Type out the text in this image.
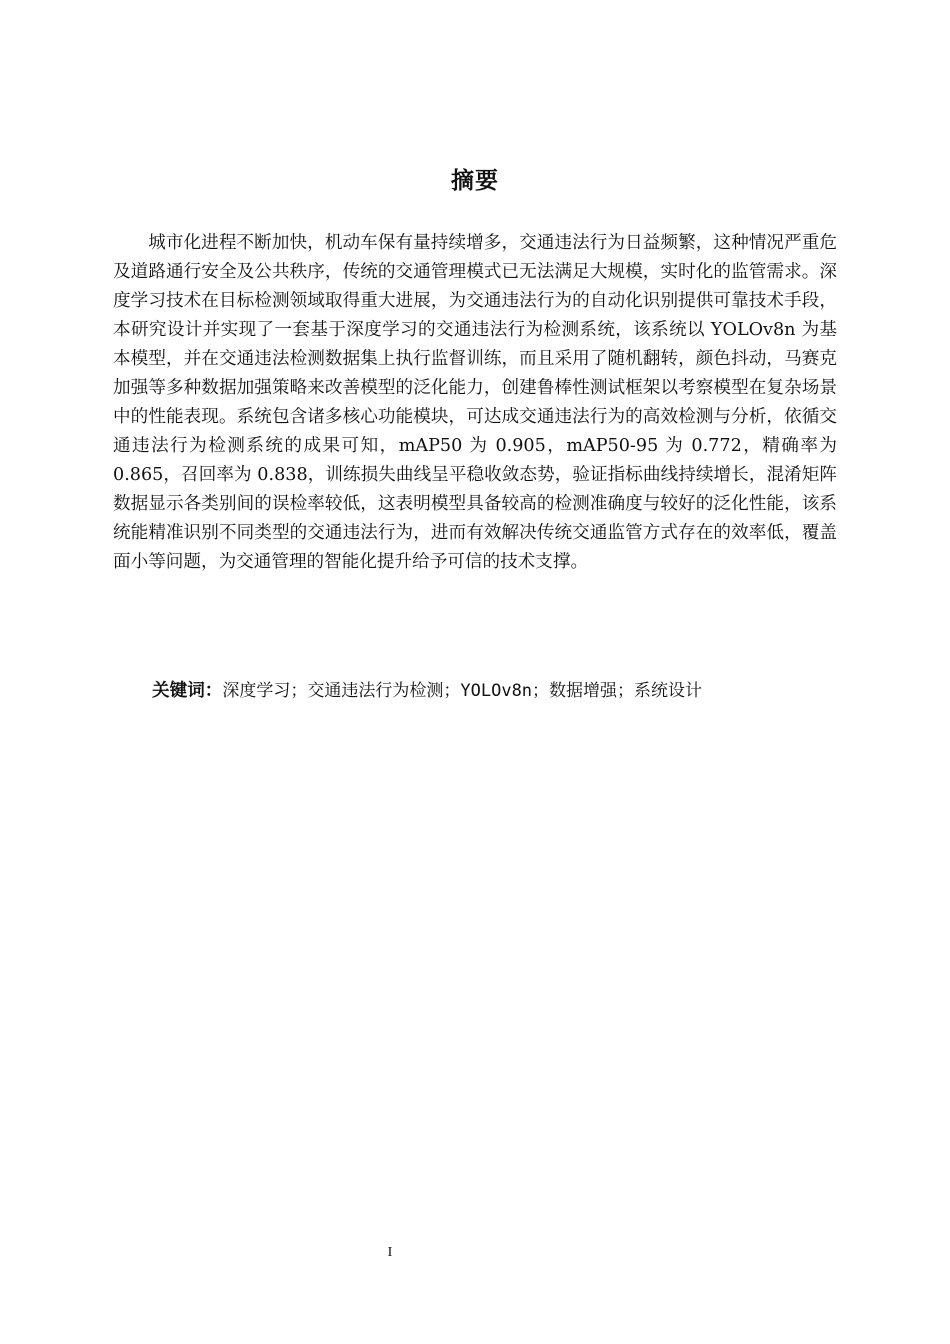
摘要

城市化进程不断加快，机动车保有量持续增多，交通违法行为日益频繁，这种情况严重危及道路通行安全及公共秩序，传统的交通管理模式已无法满足大规模，实时化的监管需求。深度学习技术在目标检测领域取得重大进展，为交通违法行为的自动化识别提供可靠技术手段，本研究设计并实现了一套基于深度学习的交通违法行为检测系统，该系统以 YOLOv8n 为基本模型，并在交通违法检测数据集上执行监督训练，而且采用了随机翻转，颜色抖动，马赛克加强等多种数据加强策略来改善模型的泛化能力，创建鲁棒性测试框架以考察模型在复杂场景中的性能表现。系统包含诸多核心功能模块，可达成交通违法行为的高效检测与分析，依循交通违法行为检测系统的成果可知，mAP50 为 0.905，mAP50-95 为 0.772，精确率为 0.865，召回率为 0.838，训练损失曲线呈平稳收敛态势，验证指标曲线持续增长，混淆矩阵数据显示各类别间的误检率较低，这表明模型具备较高的检测准确度与较好的泛化性能，该系统能精准识别不同类型的交通违法行为，进而有效解决传统交通监管方式存在的效率低，覆盖面小等问题，为交通管理的智能化提升给予可信的技术支撑。

关键词：深度学习；交通违法行为检测；YOLOv8n；数据增强；系统设计
I
